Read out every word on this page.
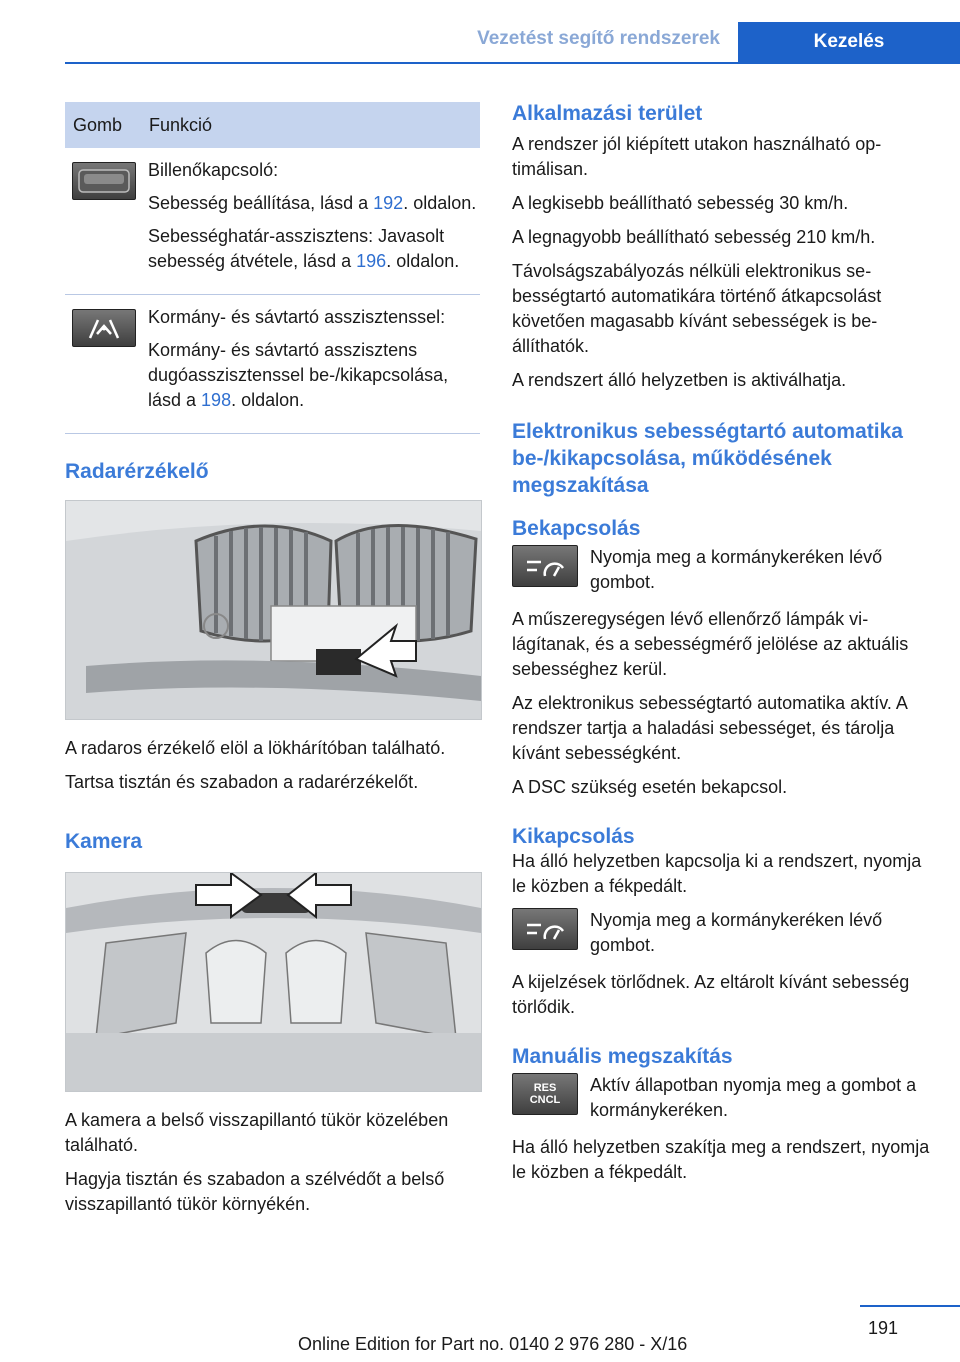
Vezetést segítő rendszerek	Kezelés
Gomb	Funkció

Billenőkapcsoló:

Sebesség beállítása, lásd a 192. oldalon.

Sebességhatár-asszisztens: Javasolt sebesség átvétele, lásd a 196. oldalon.

Kormány- és sávtartó asszisztenssel:

Kormány- és sávtartó asszisztens dugóasszisztenssel be-/kikapcsolása, lásd a 198. oldalon.

Radarérzékelő

A radaros érzékelő elöl a lökhárítóban található.

Tartsa tisztán és szabadon a radarérzékelőt.

Kamera

A kamera a belső visszapillantó tükör közelében található.

Hagyja tisztán és szabadon a szélvédőt a belső visszapillantó tükör környékén.

Alkalmazási terület

A rendszer jól kiépített utakon használható optimálisan.

A legkisebb beállítható sebesség 30 km/h.

A legnagyobb beállítható sebesség 210 km/h.

Távolságszabályozás nélküli elektronikus sebességtartó automatikára történő átkapcsolást követően magasabb kívánt sebességek is beállíthatók.

A rendszert álló helyzetben is aktiválhatja.

Elektronikus sebességtartó automatika be-/kikapcsolása, működésének megszakítása
Bekapcsolás
Nyomja meg a kormánykeréken lévő gombot.

A műszeregységen lévő ellenőrző lámpák világítanak, és a sebességmérő jelölése az aktuális sebességhez kerül.

Az elektronikus sebességtartó automatika aktív. A rendszer tartja a haladási sebességet, és tárolja kívánt sebességként.

A DSC szükség esetén bekapcsol.

Kikapcsolás

Ha álló helyzetben kapcsolja ki a rendszert, nyomja le közben a fékpedált.

Nyomja meg a kormánykeréken lévő gombot.

A kijelzések törlődnek. Az eltárolt kívánt sebesség törlődik.

Manuális megszakítás
RES
CNCL
Aktív állapotban nyomja meg a gombot a kormánykeréken.

Ha álló helyzetben szakítja meg a rendszert, nyomja le közben a fékpedált.

191
Online Edition for Part no. 0140 2 976 280 - X/16
